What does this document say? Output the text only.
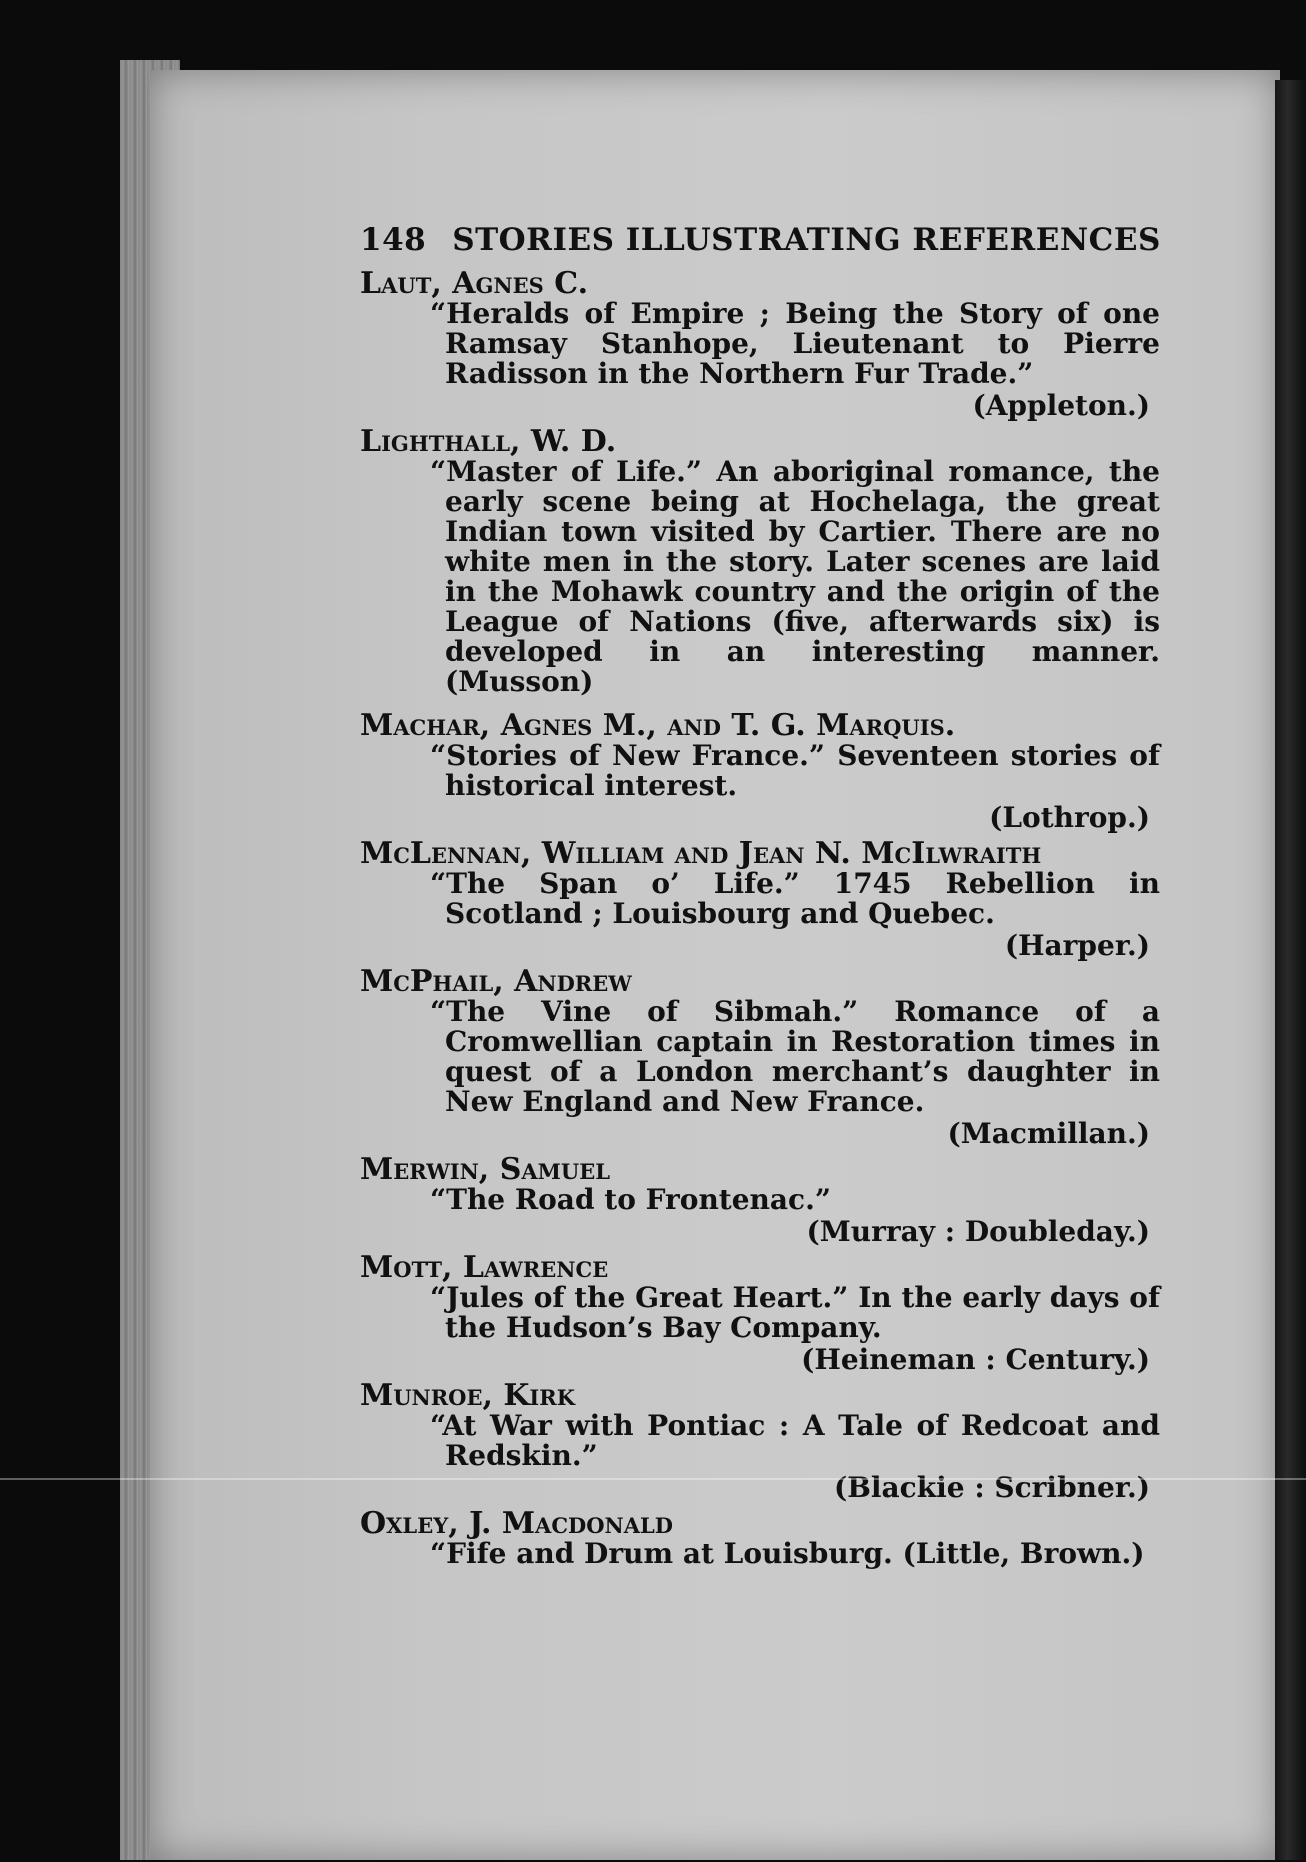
148 STORIES ILLUSTRATING REFERENCES
Laut, Agnes C.
“Heralds of Empire ; Being the Story of one Ramsay Stanhope, Lieutenant to Pierre Radisson in the Northern Fur Trade.”
(Appleton.)
Lighthall, W. D.
“Master of Life.” An aboriginal romance, the early scene being at Hochelaga, the great Indian town visited by Cartier. There are no white men in the story. Later scenes are laid in the Mohawk country and the origin of the League of Nations (five, afterwards six) is developed in an interesting manner. (Musson)
Machar, Agnes M., and T. G. Marquis.
“Stories of New France.” Seventeen stories of historical interest.
(Lothrop.)
McLennan, William and Jean N. McIlwraith
“The Span o’ Life.” 1745 Rebellion in Scotland ; Louisbourg and Quebec.
(Harper.)
McPhail, Andrew
“The Vine of Sibmah.” Romance of a Cromwellian captain in Restoration times in quest of a London merchant’s daughter in New England and New France.
(Macmillan.)
Merwin, Samuel
“The Road to Frontenac.”
(Murray : Doubleday.)
Mott, Lawrence
“Jules of the Great Heart.” In the early days of the Hudson’s Bay Company.
(Heineman : Century.)
Munroe, Kirk
“At War with Pontiac : A Tale of Redcoat and Redskin.”
(Blackie : Scribner.)
Oxley, J. Macdonald
“Fife and Drum at Louisburg. (Little, Brown.)
